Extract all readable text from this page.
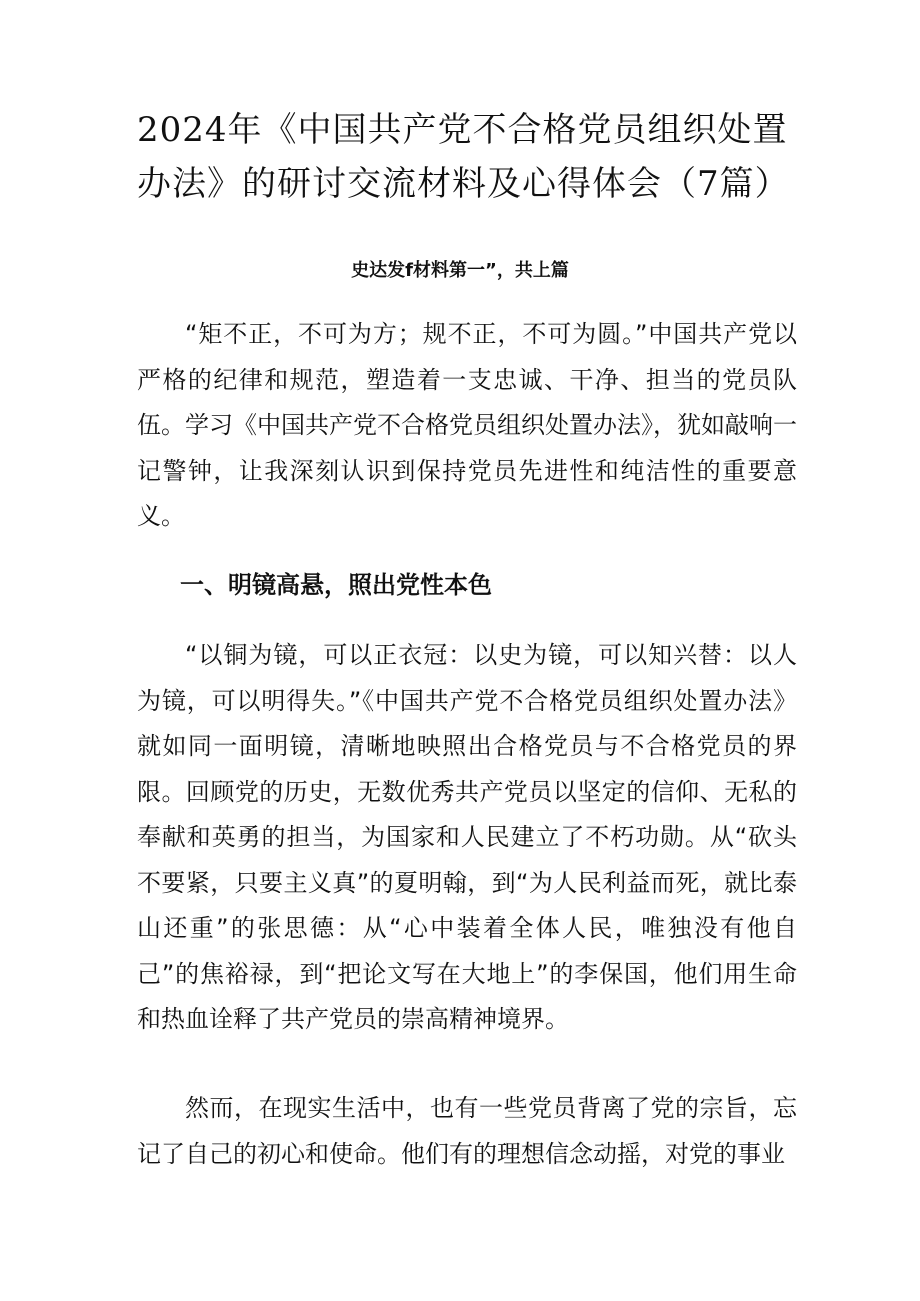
2024年《中国共产党不合格党员组织处置办法》的研讨交流材料及心得体会（7篇）
史达发f材料第一”，共上篇

“矩不正，不可为方；规不正，不可为圆。”中国共产党以严格的纪律和规范，塑造着一支忠诚、干净、担当的党员队伍。学习《中国共产党不合格党员组织处置办法》，犹如敲响一记警钟，让我深刻认识到保持党员先进性和纯洁性的重要意义。

一、明镜高悬，照出党性本色

“以铜为镜，可以正衣冠：以史为镜，可以知兴替：以人为镜，可以明得失。”《中国共产党不合格党员组织处置办法》就如同一面明镜，清晰地映照出合格党员与不合格党员的界限。回顾党的历史，无数优秀共产党员以坚定的信仰、无私的奉献和英勇的担当，为国家和人民建立了不朽功勋。从“砍头不要紧，只要主义真”的夏明翰，到“为人民利益而死，就比泰山还重”的张思德：从“心中装着全体人民，唯独没有他自己”的焦裕禄，到“把论文写在大地上”的李保国，他们用生命和热血诠释了共产党员的崇高精神境界。

然而，在现实生活中，也有一些党员背离了党的宗旨，忘记了自己的初心和使命。他们有的理想信念动摇，对党的事业
